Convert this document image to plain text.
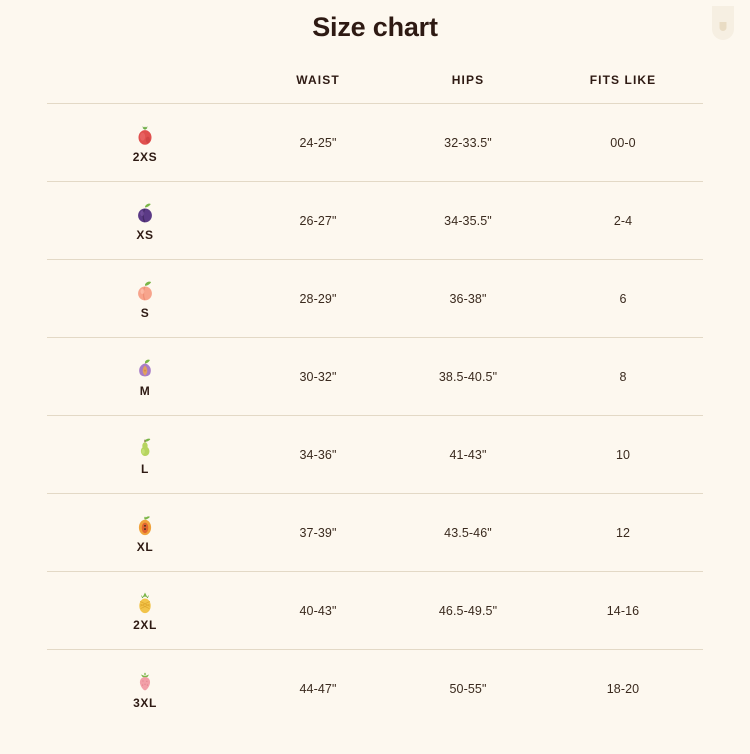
Size chart
	WAIST	HIPS	FITS LIKE

2XS	24-25"	32-33.5"	00-0

XS	26-27"	34-35.5"	2-4

S	28-29"	36-38"	6

M	30-32"	38.5-40.5"	8

L	34-36"	41-43"	10

XL	37-39"	43.5-46"	12

2XL	40-43"	46.5-49.5"	14-16

3XL	44-47"	50-55"	18-20
